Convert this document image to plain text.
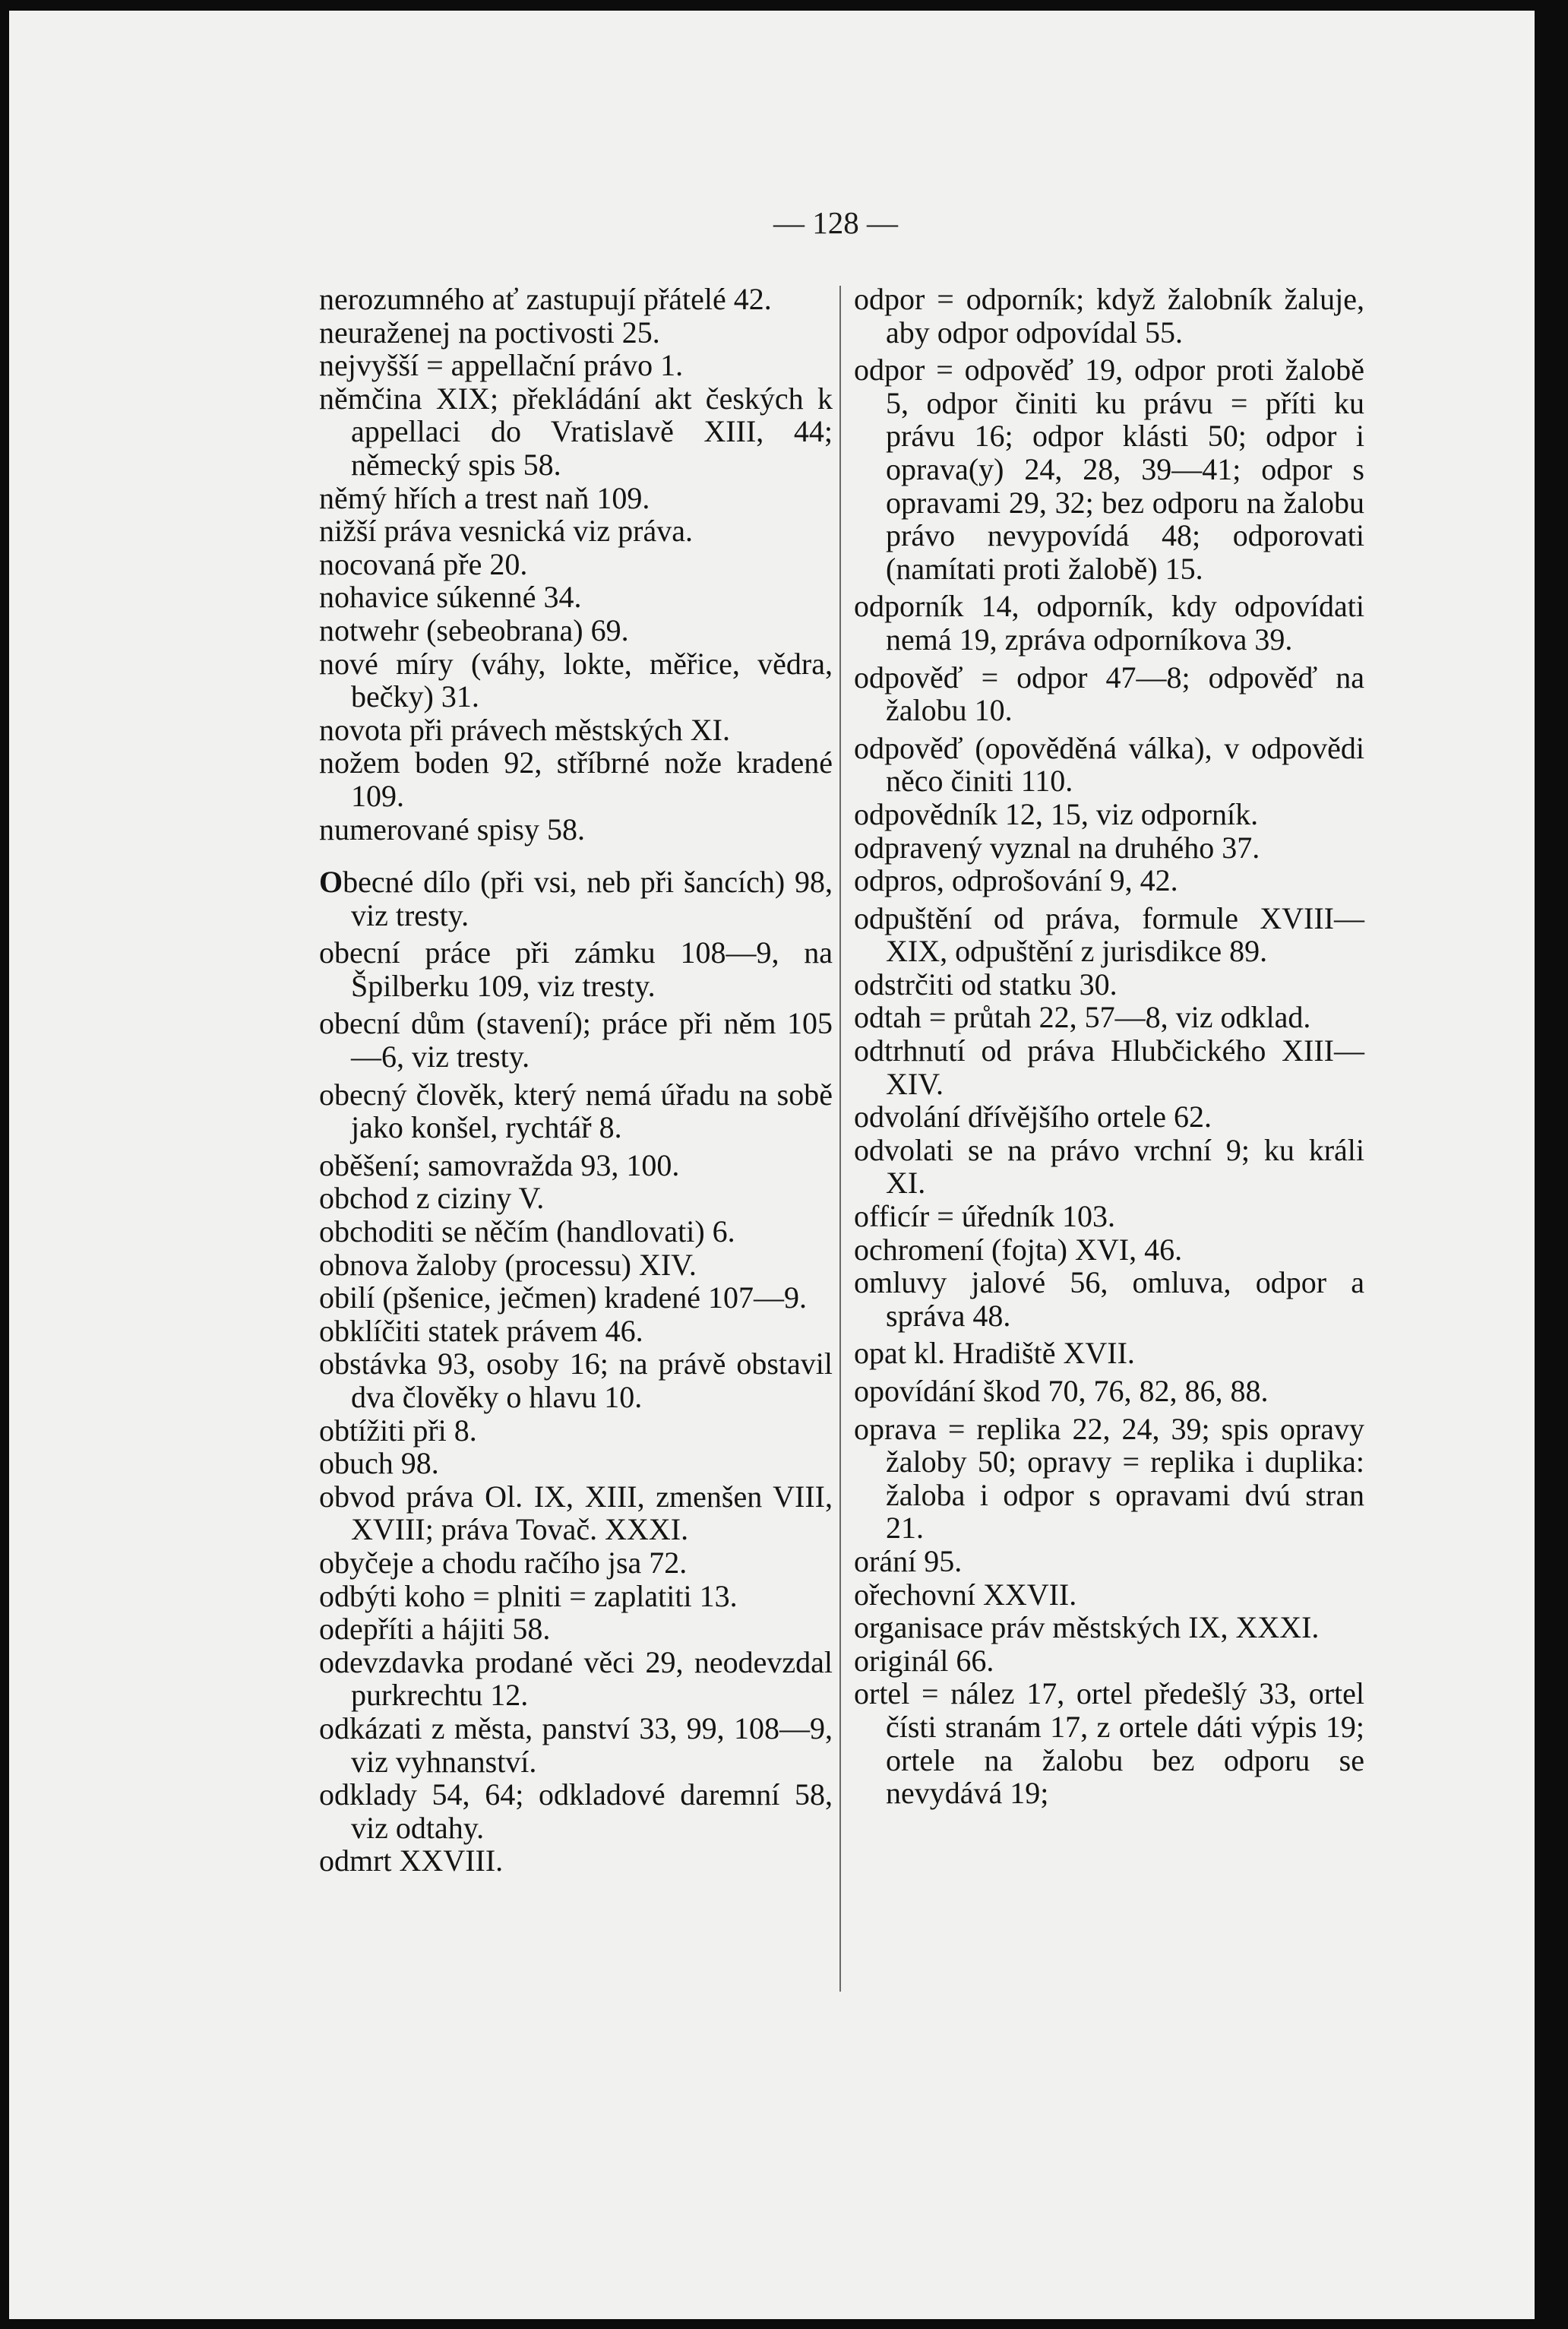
— 128 —

nerozumného ať zastupují přátelé 42.

neuraženej na poctivosti 25.

nejvyšší = appellační právo 1.

němčina XIX; překládání akt českých k appellaci do Vratislavě XIII, 44; německý spis 58.

němý hřích a trest naň 109.

nižší práva vesnická viz práva.

nocovaná pře 20.

nohavice súkenné 34.

notwehr (sebeobrana) 69.

nové míry (váhy, lokte, měřice, vědra, bečky) 31.

novota při právech městských XI.

nožem boden 92, stříbrné nože kradené 109.

numerované spisy 58.

Obecné dílo (při vsi, neb při šancích) 98, viz tresty.

obecní práce při zámku 108—9, na Špilberku 109, viz tresty.

obecní dům (stavení); práce při něm 105—6, viz tresty.

obecný člověk, který nemá úřadu na sobě jako konšel, rychtář 8.

oběšení; samovražda 93, 100.

obchod z ciziny V.

obchoditi se něčím (handlovati) 6.

obnova žaloby (processu) XIV.

obilí (pšenice, ječmen) kradené 107—9.

obklíčiti statek právem 46.

obstávka 93, osoby 16; na právě obstavil dva člověky o hlavu 10.

obtížiti při 8.

obuch 98.

obvod práva Ol. IX, XIII, zmenšen VIII, XVIII; práva Tovač. XXXI.

obyčeje a chodu račího jsa 72.

odbýti koho = plniti = zaplatiti 13.

odepříti a hájiti 58.

odevzdavka prodané věci 29, neodevzdal purkrechtu 12.

odkázati z města, panství 33, 99, 108—9, viz vyhnanství.

odklady 54, 64; odkladové daremní 58, viz odtahy.

odmrt XXVIII.

odpor = odporník; když žalobník žaluje, aby odpor odpovídal 55.

odpor = odpověď 19, odpor proti žalobě 5, odpor činiti ku právu = příti ku právu 16; odpor klásti 50; odpor i oprava(y) 24, 28, 39—41; odpor s opravami 29, 32; bez odporu na žalobu právo nevypovídá 48; odporovati (namítati proti žalobě) 15.

odporník 14, odporník, kdy odpovídati nemá 19, zpráva odporníkova 39.

odpověď = odpor 47—8; odpověď na žalobu 10.

odpověď (opověděná válka), v odpovědi něco činiti 110.

odpovědník 12, 15, viz odporník.

odpravený vyznal na druhého 37.

odpros, odprošování 9, 42.

odpuštění od práva, formule XVIII—XIX, odpuštění z jurisdikce 89.

odstrčiti od statku 30.

odtah = průtah 22, 57—8, viz odklad.

odtrhnutí od práva Hlubčického XIII—XIV.

odvolání dřívějšího ortele 62.

odvolati se na právo vrchní 9; ku králi XI.

officír = úředník 103.

ochromení (fojta) XVI, 46.

omluvy jalové 56, omluva, odpor a správa 48.

opat kl. Hradiště XVII.

opovídání škod 70, 76, 82, 86, 88.

oprava = replika 22, 24, 39; spis opravy žaloby 50; opravy = replika i duplika: žaloba i odpor s opravami dvú stran 21.

orání 95.

ořechovní XXVII.

organisace práv městských IX, XXXI.

originál 66.

ortel = nález 17, ortel předešlý 33, ortel čísti stranám 17, z ortele dáti výpis 19; ortele na žalobu bez odporu se nevydává 19;
